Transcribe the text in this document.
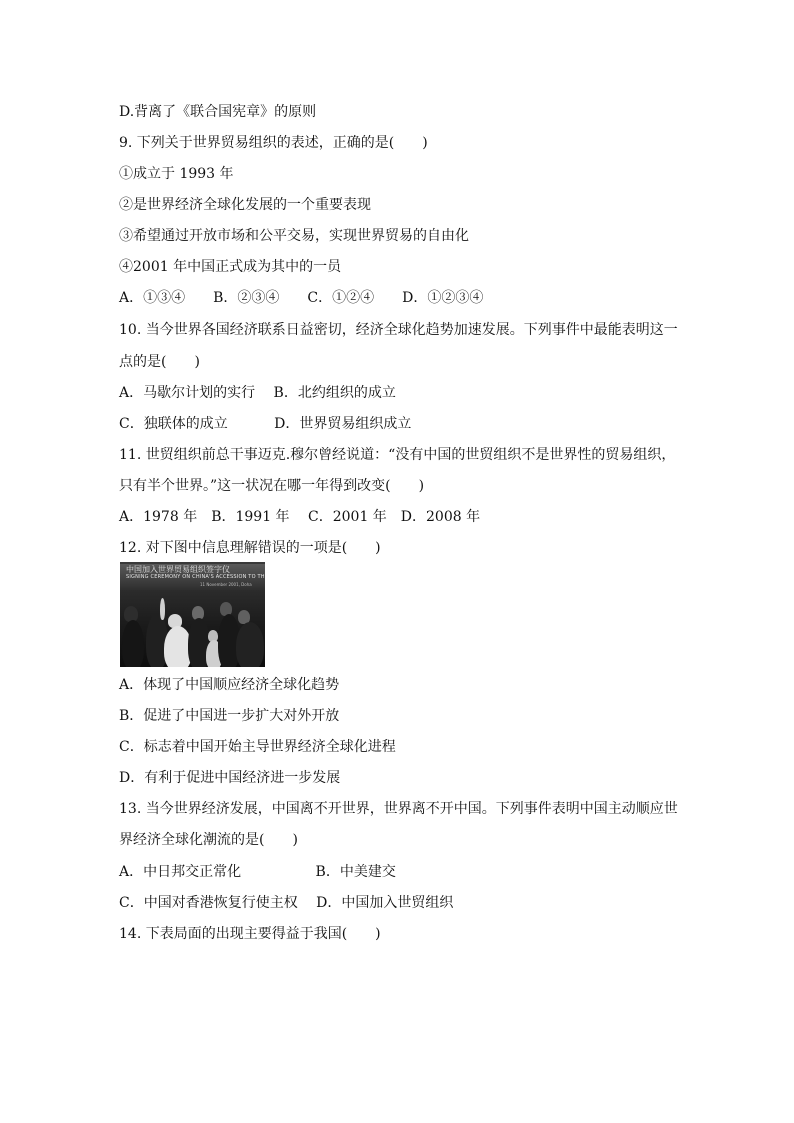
D.背离了《联合国宪章》的原则
9. 下列关于世界贸易组织的表述，正确的是(　　)
①成立于 1993 年
②是世界经济全球化发展的一个重要表现
③希望通过开放市场和公平交易，实现世界贸易的自由化
④2001 年中国正式成为其中的一员
A．①③④　　B．②③④　　C．①②④　　D．①②③④
10. 当今世界各国经济联系日益密切，经济全球化趋势加速发展。下列事件中最能表明这一
点的是(　　)
A．马歇尔计划的实行　 B．北约组织的成立
C．独联体的成立　　　 D．世界贸易组织成立
11. 世贸组织前总干事迈克.穆尔曾经说道：“没有中国的世贸组织不是世界性的贸易组织，
只有半个世界。”这一状况在哪一年得到改变(　　)
A．1978 年　B．1991 年　 C．2001 年　D．2008 年
12. 对下图中信息理解错误的一项是(　　)
中国加入世界贸易组织签字仪
SIGNING CEREMONY ON CHINA'S ACCESSION TO TH
11 November 2001, Doha
A．体现了中国顺应经济全球化趋势
B．促进了中国进一步扩大对外开放
C．标志着中国开始主导世界经济全球化进程
D．有利于促进中国经济进一步发展
13. 当今世界经济发展，中国离不开世界，世界离不开中国。下列事件表明中国主动顺应世
界经济全球化潮流的是(　　)
A．中日邦交正常化　　　　　 B．中美建交
C．中国对香港恢复行使主权　 D．中国加入世贸组织
14. 下表局面的出现主要得益于我国(　　)
